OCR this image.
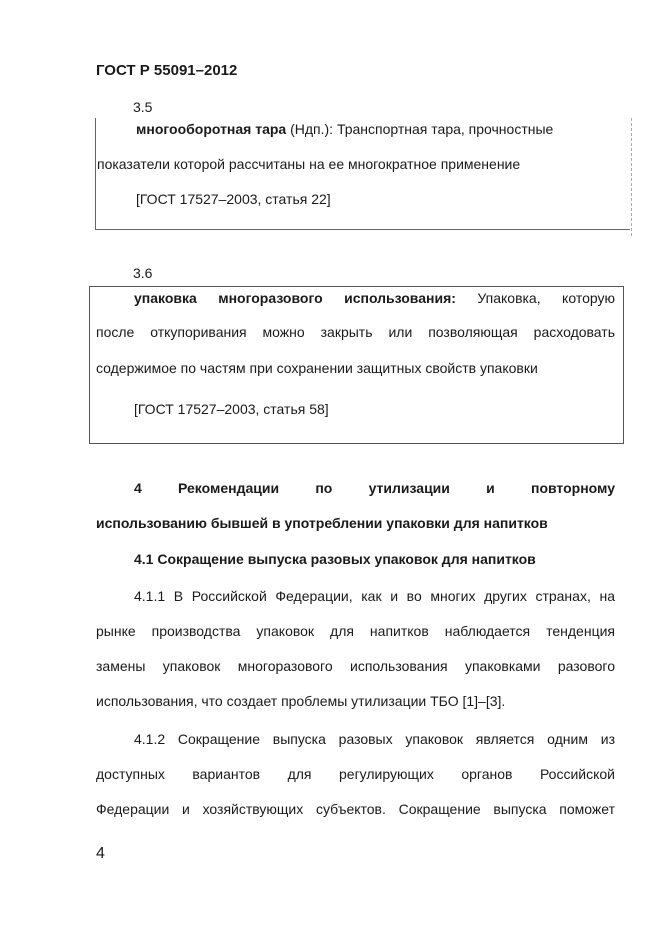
ГОСТ Р 55091–2012
3.5
многооборотная тара (Ндп.): Транспортная тара, прочностные
показатели которой рассчитаны на ее многократное применение
[ГОСТ 17527–2003, статья 22]
3.6
упаковка многоразового использования: Упаковка, которую
после откупоривания можно закрыть или позволяющая расходовать
содержимое по частям при сохранении защитных свойств упаковки
[ГОСТ 17527–2003, статья 58]
4 Рекомендации по утилизации и повторному
использованию бывшей в употреблении упаковки для напитков
4.1 Сокращение выпуска разовых упаковок для напитков
4.1.1 В Российской Федерации, как и во многих других странах, на
рынке производства упаковок для напитков наблюдается тенденция
замены упаковок многоразового использования упаковками разового
использования, что создает проблемы утилизации ТБО [1]–[3].
4.1.2 Сокращение выпуска разовых упаковок является одним из
доступных вариантов для регулирующих органов Российской
Федерации и хозяйствующих субъектов. Сокращение выпуска поможет
4
